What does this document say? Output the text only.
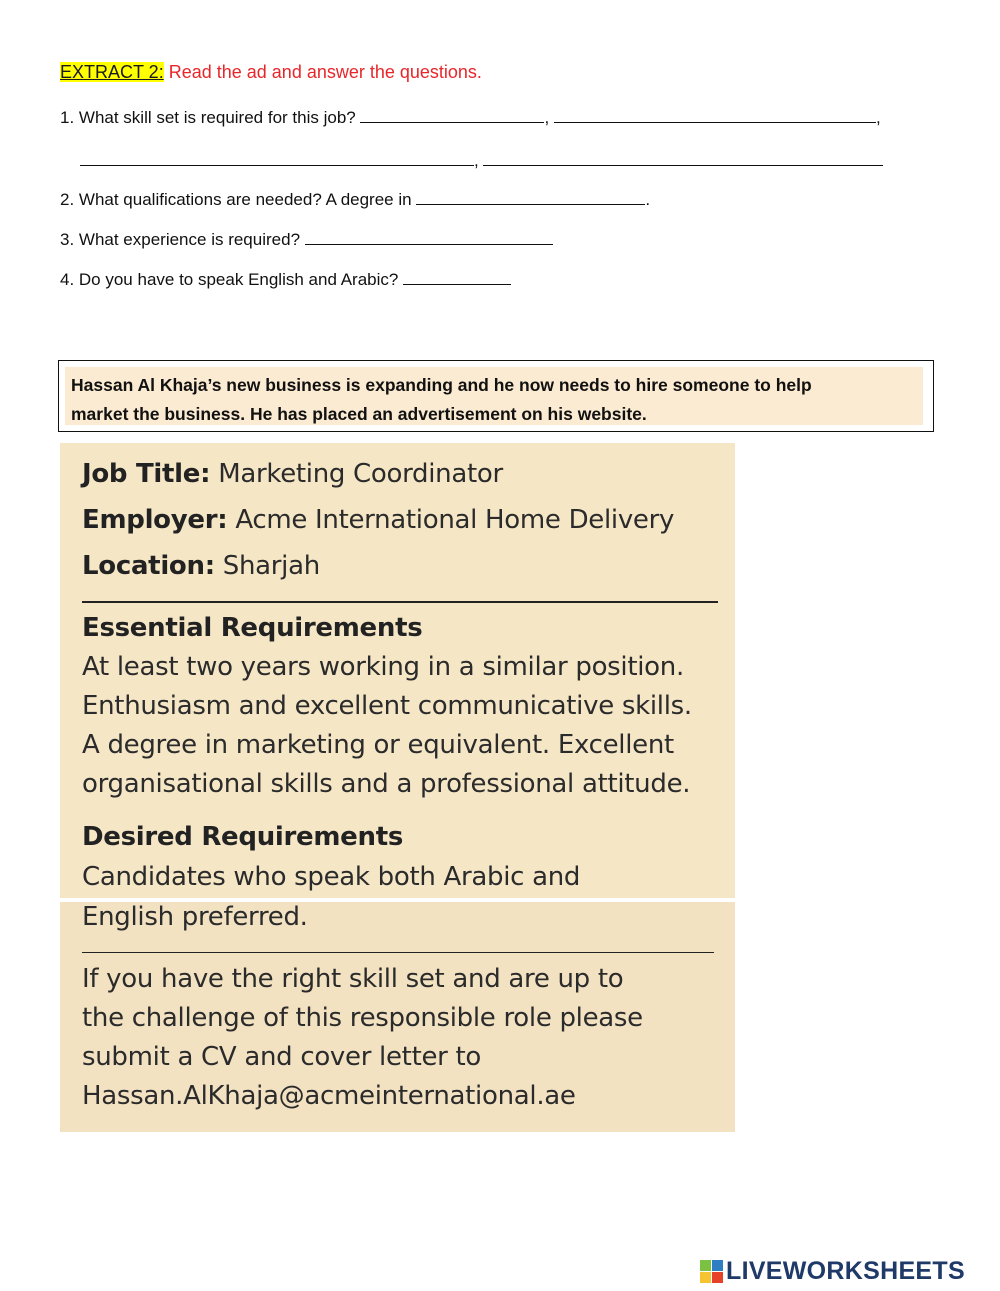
EXTRACT 2: Read the ad and answer the questions.
1. What skill set is required for this job?	,	,
,
2. What qualifications are needed? A degree in	.
3. What experience is required?
4. Do you have to speak English and Arabic?
Hassan Al Khaja’s new business is expanding and he now needs to hire someone to help
market the business. He has placed an advertisement on his website.
Job Title: Marketing Coordinator
Employer: Acme International Home Delivery
Location: Sharjah
Essential Requirements
At least two years working in a similar position.
Enthusiasm and excellent communicative skills.
A degree in marketing or equivalent. Excellent
organisational skills and a professional attitude.
Desired Requirements
Candidates who speak both Arabic and
English preferred.
If you have the right skill set and are up to
the challenge of this responsible role please
submit a CV and cover letter to
Hassan.AlKhaja@acmeinternational.ae
LIVEWORKSHEETS
